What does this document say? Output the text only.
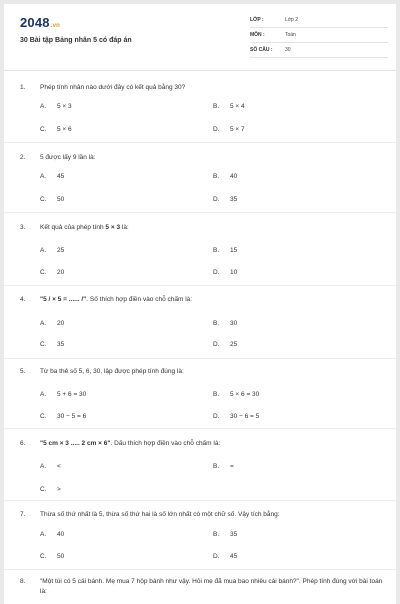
2048.vn
30 Bài tập Bảng nhân 5 có đáp án
LỚP :	Lớp 2
MÔN :	Toán
SỐ CÂU :	30
1. Phép tính nhân nào dưới đây có kết quả bằng 30?
A. 5 × 3	B. 5 × 4
C. 5 × 6	D. 5 × 7
2. 5 được lấy 9 lần là:
A. 45	B. 40
C. 50	D. 35
3. Kết quả của phép tính 5 × 3 là:
A. 25	B. 15
C. 20	D. 10
4. "5 / × 5 = ...... /". Số thích hợp điền vào chỗ chấm là:
A. 20	B. 30
C. 35	D. 25
5. Từ ba thẻ số 5, 6, 30, lập được phép tính đúng là:
A. 5 + 6 = 30	B. 5 × 6 = 30
C. 30 − 5 = 6	D. 30 − 6 = 5
6. "5 cm × 3 ..... 2 cm × 6". Dấu thích hợp điền vào chỗ chấm là:
A. <	B. =
C. >
7. Thừa số thứ nhất là 5, thừa số thứ hai là số lớn nhất có một chữ số. Vậy tích bằng:
A. 40	B. 35
C. 50	D. 45
8. "Một túi có 5 cái bánh. Mẹ mua 7 hộp bánh như vậy. Hỏi mẹ đã mua bao nhiêu cái bánh?". Phép tính đúng với bài toán là:
